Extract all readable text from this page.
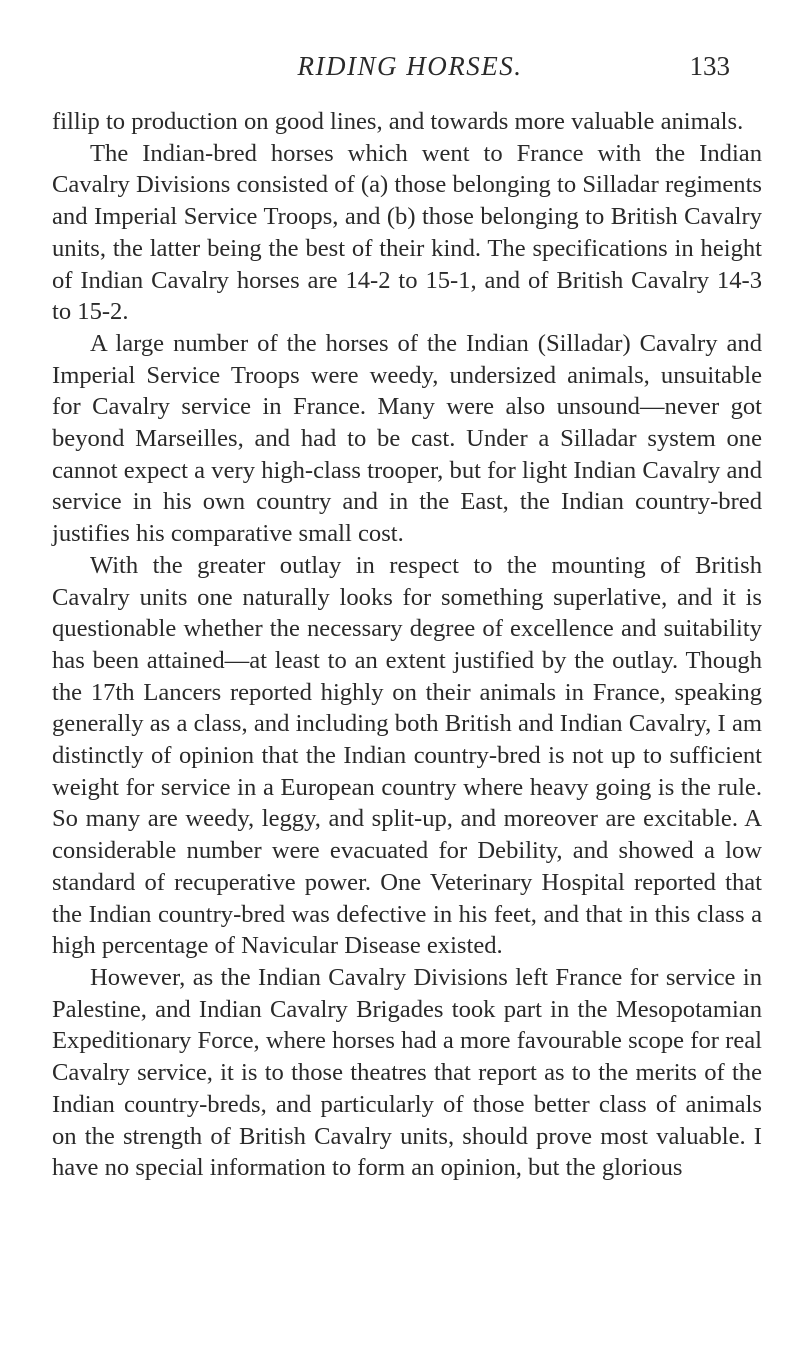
RIDING HORSES.	133

fillip to production on good lines, and towards more valuable animals.

The Indian-bred horses which went to France with the Indian Cavalry Divisions consisted of (a) those belonging to Silladar regiments and Imperial Service Troops, and (b) those belonging to British Cavalry units, the latter being the best of their kind. The specifications in height of Indian Cavalry horses are 14-2 to 15-1, and of British Cavalry 14-3 to 15-2.

A large number of the horses of the Indian (Silladar) Cavalry and Imperial Service Troops were weedy, undersized animals, unsuitable for Cavalry service in France. Many were also unsound—never got beyond Marseilles, and had to be cast. Under a Silladar system one cannot expect a very high-class trooper, but for light Indian Cavalry and service in his own country and in the East, the Indian country-bred justifies his comparative small cost.

With the greater outlay in respect to the mounting of British Cavalry units one naturally looks for something superlative, and it is questionable whether the necessary degree of excellence and suitability has been attained—at least to an extent justified by the outlay. Though the 17th Lancers reported highly on their animals in France, speaking generally as a class, and including both British and Indian Cavalry, I am distinctly of opinion that the Indian country-bred is not up to sufficient weight for service in a European country where heavy going is the rule. So many are weedy, leggy, and split-up, and moreover are excitable. A considerable number were evacuated for Debility, and showed a low standard of recuperative power. One Veterinary Hospital reported that the Indian country-bred was defective in his feet, and that in this class a high percentage of Navicular Disease existed.

However, as the Indian Cavalry Divisions left France for service in Palestine, and Indian Cavalry Brigades took part in the Mesopotamian Expeditionary Force, where horses had a more favourable scope for real Cavalry service, it is to those theatres that report as to the merits of the Indian country-breds, and particularly of those better class of animals on the strength of British Cavalry units, should prove most valuable. I have no special information to form an opinion, but the glorious
